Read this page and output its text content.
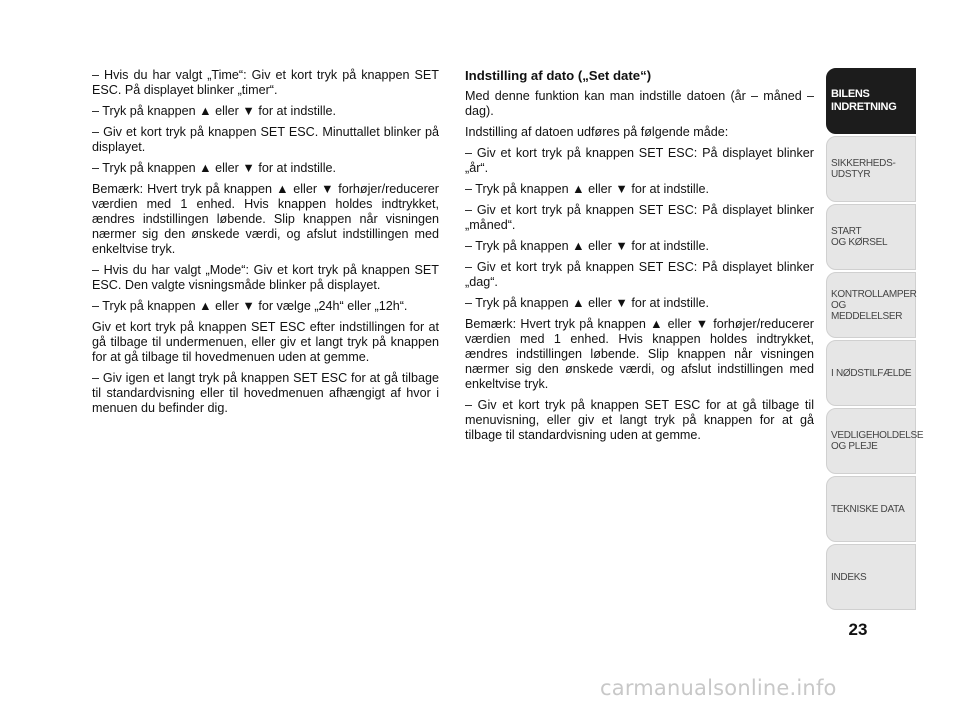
– Hvis du har valgt „Time“: Giv et kort tryk på knappen SET ESC. På displayet blinker „timer“.

– Tryk på knappen ▲ eller ▼ for at indstille.

– Giv et kort tryk på knappen SET ESC. Minuttallet blinker på displayet.

– Tryk på knappen ▲ eller ▼ for at indstille.

Bemærk: Hvert tryk på knappen ▲ eller ▼ forhøjer/reducerer værdien med 1 enhed. Hvis knappen holdes indtrykket, ændres indstillingen løbende. Slip knappen når visningen nærmer sig den ønskede værdi, og afslut indstillingen med enkeltvise tryk.

– Hvis du har valgt „Mode“: Giv et kort tryk på knappen SET ESC. Den valgte visningsmåde blinker på displayet.

– Tryk på knappen ▲ eller ▼ for vælge „24h“ eller „12h“.

Giv et kort tryk på knappen SET ESC efter indstillingen for at gå tilbage til undermenuen, eller giv et langt tryk på knappen for at gå tilbage til hovedmenuen uden at gemme.

– Giv igen et langt tryk på knappen SET ESC for at gå tilbage til standardvisning eller til hovedmenuen afhængigt af hvor i menuen du befinder dig.

Indstilling af dato („Set date“)

Med denne funktion kan man indstille datoen (år – måned – dag).

Indstilling af datoen udføres på følgende måde:

– Giv et kort tryk på knappen SET ESC: På displayet blinker „år“.

– Tryk på knappen ▲ eller ▼ for at indstille.

– Giv et kort tryk på knappen SET ESC: På displayet blinker „måned“.

– Tryk på knappen ▲ eller ▼ for at indstille.

– Giv et kort tryk på knappen SET ESC: På displayet blinker „dag“.

– Tryk på knappen ▲ eller ▼ for at indstille.

Bemærk: Hvert tryk på knappen ▲ eller ▼ forhøjer/reducerer værdien med 1 enhed. Hvis knappen holdes indtrykket, ændres indstillingen løbende. Slip knappen når visningen nærmer sig den ønskede værdi, og afslut indstillingen med enkeltvise tryk.

– Giv et kort tryk på knappen SET ESC for at gå tilbage til menuvisning, eller giv et langt tryk på knappen for at gå tilbage til standardvisning uden at gemme.

BILENS
INDRETNING
SIKKERHEDS-
UDSTYR
START
OG KØRSEL
KONTROLLAMPER
OG MEDDELELSER
I NØDSTILFÆLDE
VEDLIGEHOLDELSE
OG PLEJE
TEKNISKE DATA
INDEKS
23
carmanualsonline.info
